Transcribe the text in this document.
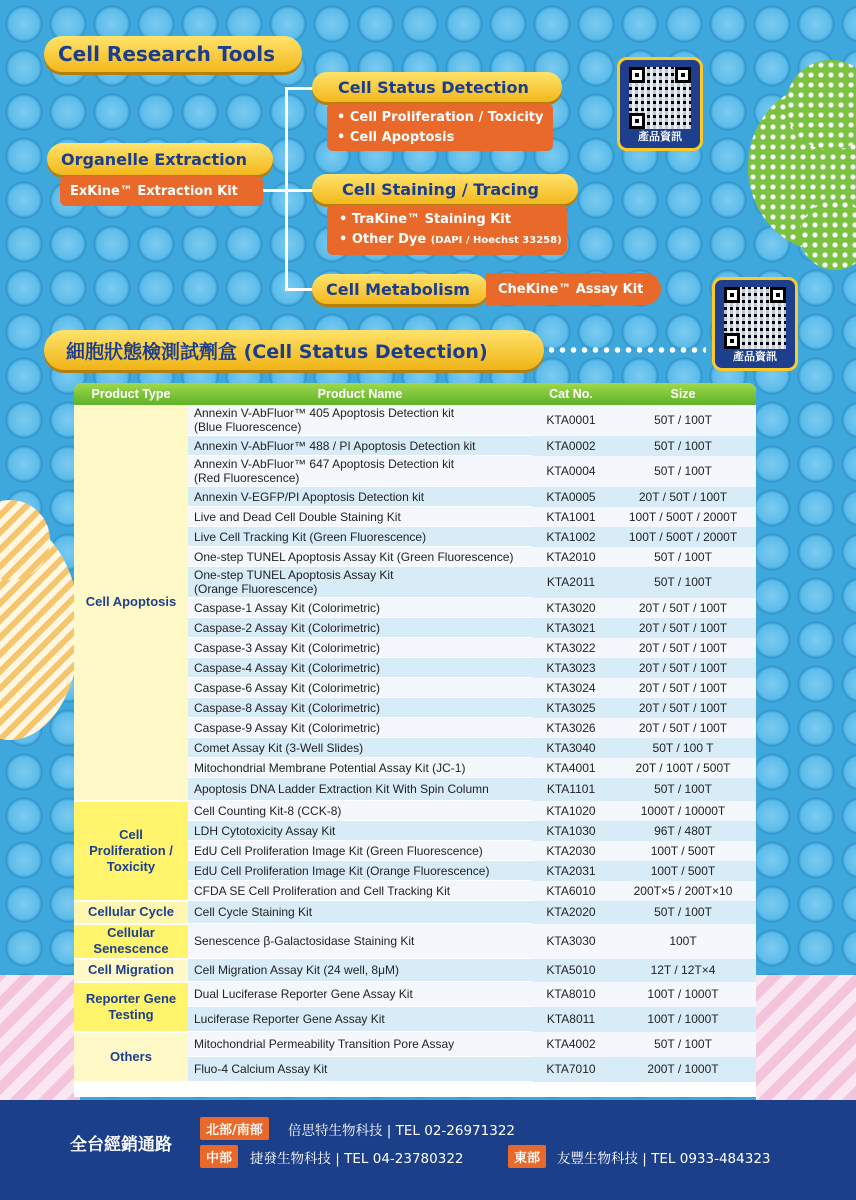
Cell Research Tools
Organelle Extraction
ExKine™ Extraction Kit
Cell Status Detection
• Cell Proliferation / Toxicity
• Cell Apoptosis
Cell Staining / Tracing
• TraKine™ Staining Kit
• Other Dye (DAPI / Hoechst 33258)
Cell Metabolism	CheKine™ Assay Kit
產品資訊
產品資訊
細胞狀態檢測試劑盒 (Cell Status Detection)
Product Type	Product Name	Cat No.	Size
Cell Apoptosis	Annexin V-AbFluor™ 405 Apoptosis Detection kit
(Blue Fluorescence)	KTA0001	50T / 100T
	Annexin V-AbFluor™ 488 / PI Apoptosis Detection kit	KTA0002	50T / 100T
	Annexin V-AbFluor™ 647 Apoptosis Detection kit
(Red Fluorescence)	KTA0004	50T / 100T
	Annexin V-EGFP/PI Apoptosis Detection kit	KTA0005	20T / 50T / 100T
	Live and Dead Cell Double Staining Kit	KTA1001	100T / 500T / 2000T
	Live Cell Tracking Kit (Green Fluorescence)	KTA1002	100T / 500T / 2000T
	One-step TUNEL Apoptosis Assay Kit (Green Fluorescence)	KTA2010	50T / 100T
	One-step TUNEL Apoptosis Assay Kit
(Orange Fluorescence)	KTA2011	50T / 100T
	Caspase-1 Assay Kit (Colorimetric)	KTA3020	20T / 50T / 100T
	Caspase-2 Assay Kit (Colorimetric)	KTA3021	20T / 50T / 100T
	Caspase-3 Assay Kit (Colorimetric)	KTA3022	20T / 50T / 100T
	Caspase-4 Assay Kit (Colorimetric)	KTA3023	20T / 50T / 100T
	Caspase-6 Assay Kit (Colorimetric)	KTA3024	20T / 50T / 100T
	Caspase-8 Assay Kit (Colorimetric)	KTA3025	20T / 50T / 100T
	Caspase-9 Assay Kit (Colorimetric)	KTA3026	20T / 50T / 100T
	Comet Assay Kit (3-Well Slides)	KTA3040	50T / 100 T
	Mitochondrial Membrane Potential Assay Kit (JC-1)	KTA4001	20T / 100T / 500T
	Apoptosis DNA Ladder Extraction Kit With Spin Column	KTA1101	50T / 100T
Cell Proliferation / Toxicity	Cell Counting Kit-8 (CCK-8)	KTA1020	1000T / 10000T
	LDH Cytotoxicity Assay Kit	KTA1030	96T / 480T
	EdU Cell Proliferation Image Kit (Green Fluorescence)	KTA2030	100T / 500T
	EdU Cell Proliferation Image Kit (Orange Fluorescence)	KTA2031	100T / 500T
	CFDA SE Cell Proliferation and Cell Tracking Kit	KTA6010	200T×5 / 200T×10
Cellular Cycle	Cell Cycle Staining Kit	KTA2020	50T / 100T
Cellular Senescence	Senescence β-Galactosidase Staining Kit	KTA3030	100T
Cell Migration	Cell Migration Assay Kit (24 well, 8μM)	KTA5010	12T / 12T×4
Reporter Gene Testing	Dual Luciferase Reporter Gene Assay Kit	KTA8010	100T / 1000T
	Luciferase Reporter Gene Assay Kit	KTA8011	100T / 1000T
Others	Mitochondrial Permeability Transition Pore Assay	KTA4002	50T / 100T
	Fluo-4 Calcium Assay Kit	KTA7010	200T / 1000T
全台經銷通路
北部/南部	倍思特生物科技 | TEL 02-26971322
中部	捷發生物科技 | TEL 04-23780322	東部	友豐生物科技 | TEL 0933-484323
